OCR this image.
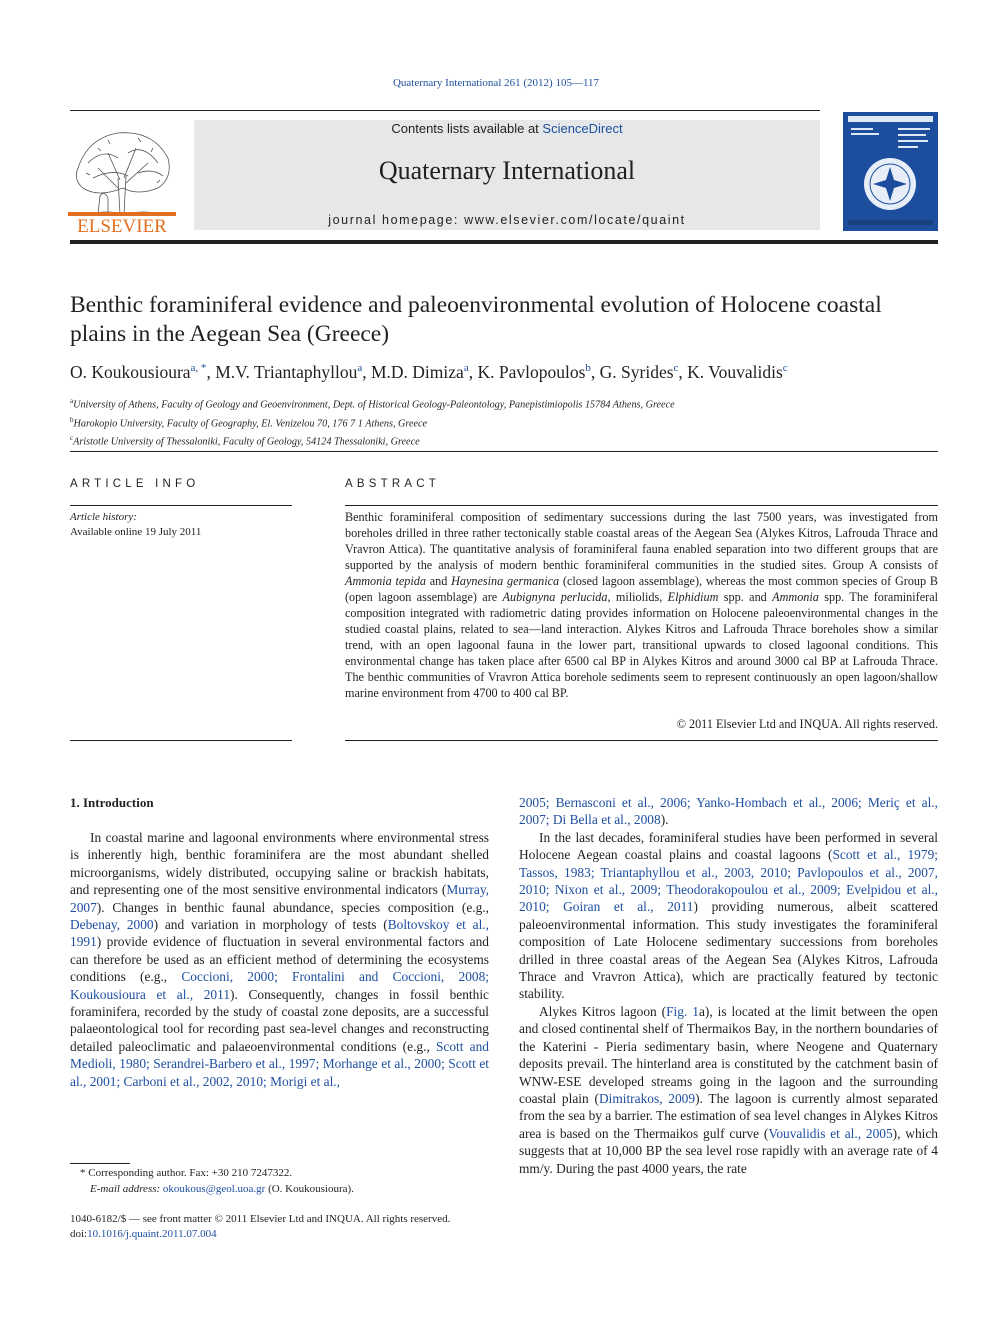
Quaternary International 261 (2012) 105—117
ELSEVIER
Contents lists available at ScienceDirect
Quaternary International
journal homepage: www.elsevier.com/locate/quaint
Benthic foraminiferal evidence and paleoenvironmental evolution of Holocene coastal plains in the Aegean Sea (Greece)
O. Koukousioura$^{a, *}$, M.V. Triantaphyllou$^a$, M.D. Dimiza$^a$, K. Pavlopoulos$^b$, G. Syrides$^c$, K. Vouvalidis$^c$
$^a$University of Athens, Faculty of Geology and Geoenvironment, Dept. of Historical Geology-Paleontology, Panepistimiopolis 15784 Athens, Greece
$^b$Harokopio University, Faculty of Geography, El. Venizelou 70, 176 7 1 Athens, Greece
$^c$Aristotle University of Thessaloniki, Faculty of Geology, 54124 Thessaloniki, Greece
ARTICLE INFO	ABSTRACT
Article history:
Available online 19 July 2011
Benthic foraminiferal composition of sedimentary successions during the last 7500 years, was investigated from boreholes drilled in three rather tectonically stable coastal areas of the Aegean Sea (Alykes Kitros, Lafrouda Thrace and Vravron Attica). The quantitative analysis of foraminiferal fauna enabled separation into two different groups that are supported by the analysis of modern benthic foraminiferal communities in the studied sites. Group A consists of Ammonia tepida and Haynesina germanica (closed lagoon assemblage), whereas the most common species of Group B (open lagoon assemblage) are Aubignyna perlucida, miliolids, Elphidium spp. and Ammonia spp. The foraminiferal composition integrated with radiometric dating provides information on Holocene paleoenvironmental changes in the studied coastal plains, related to sea—land interaction. Alykes Kitros and Lafrouda Thrace boreholes show a similar trend, with an open lagoonal fauna in the lower part, transitional upwards to closed lagoonal conditions. This environmental change has taken place after 6500 cal BP in Alykes Kitros and around 3000 cal BP at Lafrouda Thrace. The benthic communities of Vravron Attica borehole sediments seem to represent continuously an open lagoon/shallow marine environment from 4700 to 400 cal BP.
© 2011 Elsevier Ltd and INQUA. All rights reserved.
1. Introduction

In coastal marine and lagoonal environments where environmental stress is inherently high, benthic foraminifera are the most abundant shelled microorganisms, widely distributed, occupying saline or brackish habitats, and representing one of the most sensitive environmental indicators (Murray, 2007). Changes in benthic faunal abundance, species composition (e.g., Debenay, 2000) and variation in morphology of tests (Boltovskoy et al., 1991) provide evidence of fluctuation in several environmental factors and can therefore be used as an efficient method of determining the ecosystems conditions (e.g., Coccioni, 2000; Frontalini and Coccioni, 2008; Koukousioura et al., 2011). Consequently, changes in fossil benthic foraminifera, recorded by the study of coastal zone deposits, are a successful palaeontological tool for recording past sea-level changes and reconstructing detailed paleoclimatic and palaeoenvironmental conditions (e.g., Scott and Medioli, 1980; Serandrei-Barbero et al., 1997; Morhange et al., 2000; Scott et al., 2001; Carboni et al., 2002, 2010; Morigi et al.,

2005; Bernasconi et al., 2006; Yanko-Hombach et al., 2006; Meriç et al., 2007; Di Bella et al., 2008).

In the last decades, foraminiferal studies have been performed in several Holocene Aegean coastal plains and coastal lagoons (Scott et al., 1979; Tassos, 1983; Triantaphyllou et al., 2003, 2010; Pavlopoulos et al., 2007, 2010; Nixon et al., 2009; Theodorakopoulou et al., 2009; Evelpidou et al., 2010; Goiran et al., 2011) providing numerous, albeit scattered paleoenvironmental information. This study investigates the foraminiferal composition of Late Holocene sedimentary successions from boreholes drilled in three coastal areas of the Aegean Sea (Alykes Kitros, Lafrouda Thrace and Vravron Attica), which are practically featured by tectonic stability.

Alykes Kitros lagoon (Fig. 1a), is located at the limit between the open and closed continental shelf of Thermaikos Bay, in the northern boundaries of the Katerini - Pieria sedimentary basin, where Neogene and Quaternary deposits prevail. The hinterland area is constituted by the catchment basin of WNW-ESE developed streams going in the lagoon and the surrounding coastal plain (Dimitrakos, 2009). The lagoon is currently almost separated from the sea by a barrier. The estimation of sea level changes in Alykes Kitros area is based on the Thermaikos gulf curve (Vouvalidis et al., 2005), which suggests that at 10,000 BP the sea level rose rapidly with an average rate of 4 mm/y. During the past 4000 years, the rate

* Corresponding author. Fax: +30 210 7247322.
E-mail address: okoukous@geol.uoa.gr (O. Koukousioura).
1040-6182/$ — see front matter © 2011 Elsevier Ltd and INQUA. All rights reserved.
doi:10.1016/j.quaint.2011.07.004
